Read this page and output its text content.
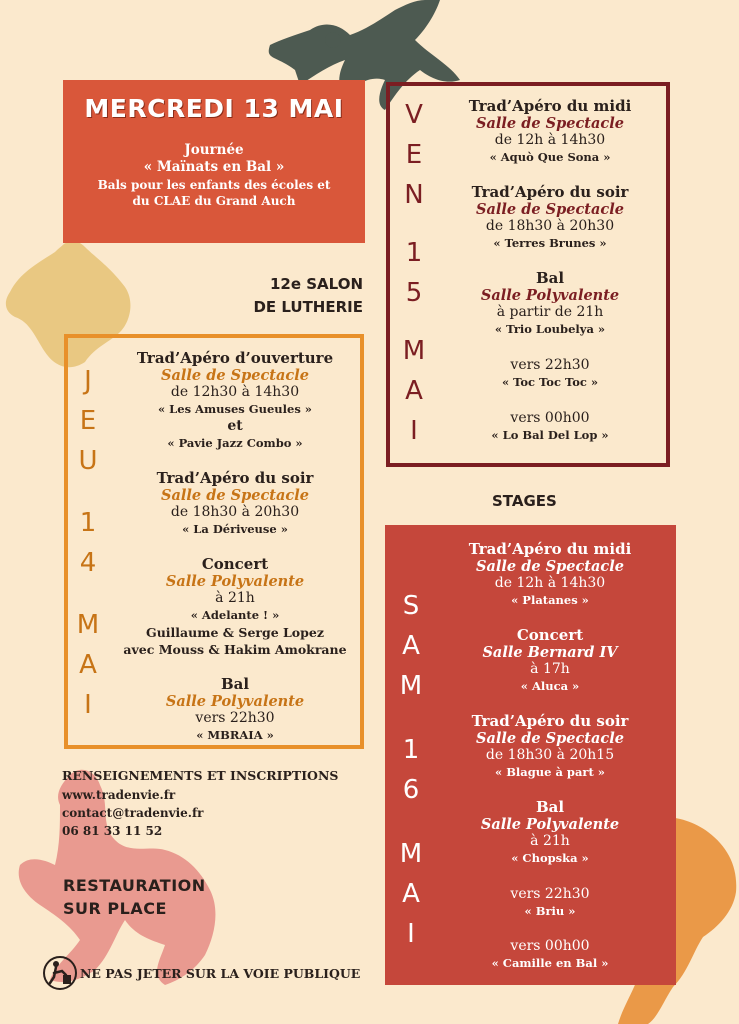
MERCREDI 13 MAI
Journée
« Maïnats en Bal »
Bals pour les enfants des écoles et
du CLAE du Grand Auch
12e SALON
DE LUTHERIE
V
E
N
1
5
M
A
I
Trad’Apéro du midi
Salle de Spectacle
de 12h à 14h30
« Aquò Que Sona »
Trad’Apéro du soir
Salle de Spectacle
de 18h30 à 20h30
« Terres Brunes »
Bal
Salle Polyvalente
à partir de 21h
« Trio Loubelya »
vers 22h30
« Toc Toc Toc »
vers 00h00
« Lo Bal Del Lop »
J
E
U
1
4
M
A
I
Trad’Apéro d’ouverture
Salle de Spectacle
de 12h30 à 14h30
« Les Amuses Gueules »
et
« Pavie Jazz Combo »
Trad’Apéro du soir
Salle de Spectacle
de 18h30 à 20h30
« La Dériveuse »
Concert
Salle Polyvalente
à 21h
« Adelante ! »
Guillaume & Serge Lopez
avec Mouss & Hakim Amokrane
Bal
Salle Polyvalente
vers 22h30
« MBRAIA »
STAGES
S
A
M
1
6
M
A
I
Trad’Apéro du midi
Salle de Spectacle
de 12h à 14h30
« Platanes »
Concert
Salle Bernard IV
à 17h
« Aluca »
Trad’Apéro du soir
Salle de Spectacle
de 18h30 à 20h15
« Blague à part »
Bal
Salle Polyvalente
à 21h
« Chopska »
vers 22h30
« Briu »
vers 00h00
« Camille en Bal »
RENSEIGNEMENTS ET INSCRIPTIONS
www.tradenvie.fr
contact@tradenvie.fr
06 81 33 11 52
RESTAURATION
SUR PLACE
NE PAS JETER SUR LA VOIE PUBLIQUE
